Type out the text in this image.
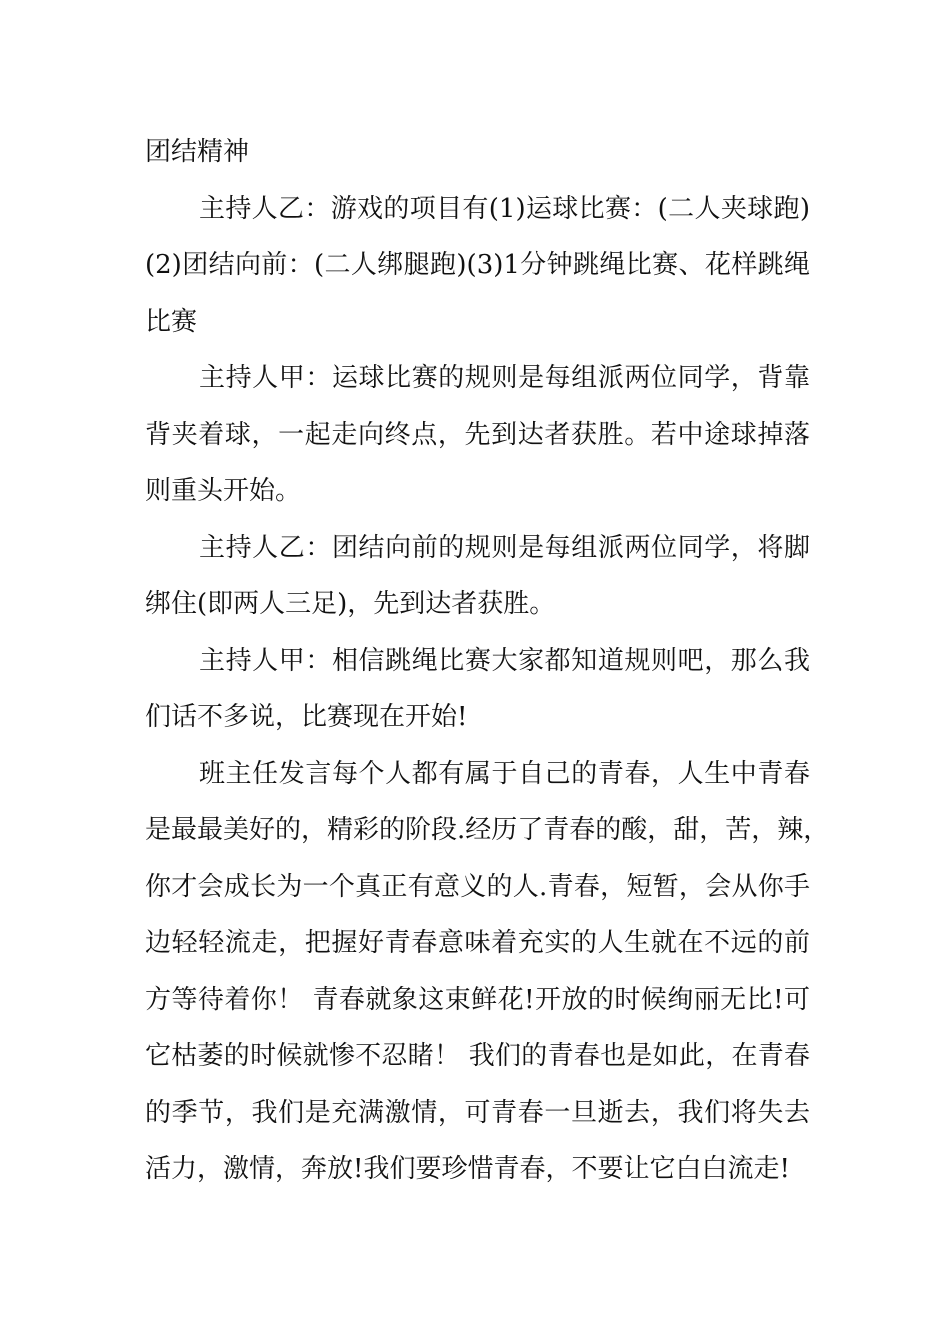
团结精神
主持人乙：游戏的项目有(1)运球比赛：(二人夹球跑)
(2)团结向前：(二人绑腿跑)(3)1分钟跳绳比赛、花样跳绳
比赛
主持人甲：运球比赛的规则是每组派两位同学，背靠
背夹着球，一起走向终点，先到达者获胜。若中途球掉落
则重头开始。
主持人乙：团结向前的规则是每组派两位同学，将脚
绑住(即两人三足)，先到达者获胜。
主持人甲：相信跳绳比赛大家都知道规则吧，那么我
们话不多说，比赛现在开始!
班主任发言每个人都有属于自己的青春，人生中青春
是最最美好的，精彩的阶段.经历了青春的酸，甜，苦，辣，
你才会成长为一个真正有意义的人.青春，短暂，会从你手
边轻轻流走，把握好青春意味着充实的人生就在不远的前
方等待着你！ 青春就象这束鲜花!开放的时候绚丽无比!可
它枯萎的时候就惨不忍睹！ 我们的青春也是如此，在青春
的季节，我们是充满激情，可青春一旦逝去，我们将失去
活力，激情，奔放!我们要珍惜青春，不要让它白白流走!
